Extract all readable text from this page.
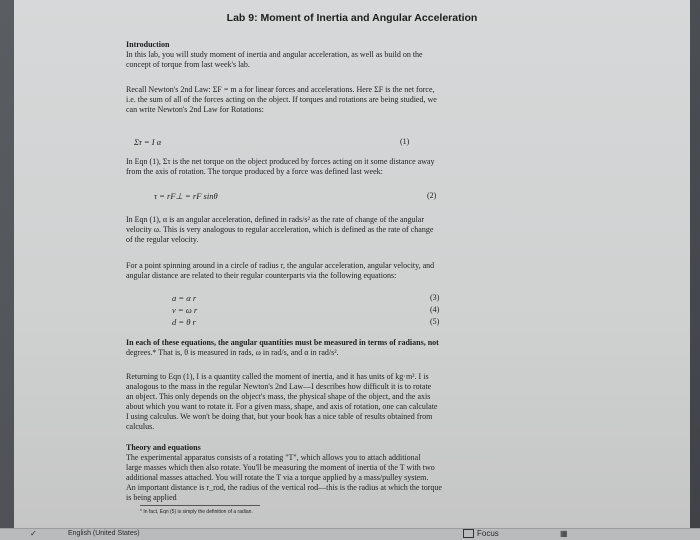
Lab 9: Moment of Inertia and Angular Acceleration
Introduction
In this lab, you will study moment of inertia and angular acceleration, as well as build on the
concept of torque from last week's lab.
Recall Newton's 2nd Law: ΣF = m a for linear forces and accelerations. Here ΣF is the net force,
i.e. the sum of all of the forces acting on the object. If torques and rotations are being studied, we
can write Newton's 2nd Law for Rotations:
Στ = I α	(1)
In Eqn (1), Στ is the net torque on the object produced by forces acting on it some distance away
from the axis of rotation. The torque produced by a force was defined last week:
τ = rF⊥ = rF sinθ	(2)
In Eqn (1), α is an angular acceleration, defined in rads/s² as the rate of change of the angular
velocity ω. This is very analogous to regular acceleration, which is defined as the rate of change
of the regular velocity.
For a point spinning around in a circle of radius r, the angular acceleration, angular velocity, and
angular distance are related to their regular counterparts via the following equations:
a = α r	(3)
v = ω r	(4)
d = θ r	(5)
In each of these equations, the angular quantities must be measured in terms of radians, not
degrees.* That is, θ is measured in rads, ω in rad/s, and α in rad/s².
Returning to Eqn (1), I is a quantity called the moment of inertia, and it has units of kg·m². I is
analogous to the mass in the regular Newton's 2nd Law—I describes how difficult it is to rotate
an object. This only depends on the object's mass, the physical shape of the object, and the axis
about which you want to rotate it. For a given mass, shape, and axis of rotation, one can calculate
I using calculus. We won't be doing that, but your book has a nice table of results obtained from
calculus.
Theory and equations
The experimental apparatus consists of a rotating "T", which allows you to attach additional
large masses which then also rotate. You'll be measuring the moment of inertia of the T with two
additional masses attached. You will rotate the T via a torque applied by a mass/pulley system.
An important distance is r_rod, the radius of the vertical rod—this is the radius at which the torque
is being applied
* In fact, Eqn (5) is simply the definition of a radian.
✓	English (United States)	Focus	▦
